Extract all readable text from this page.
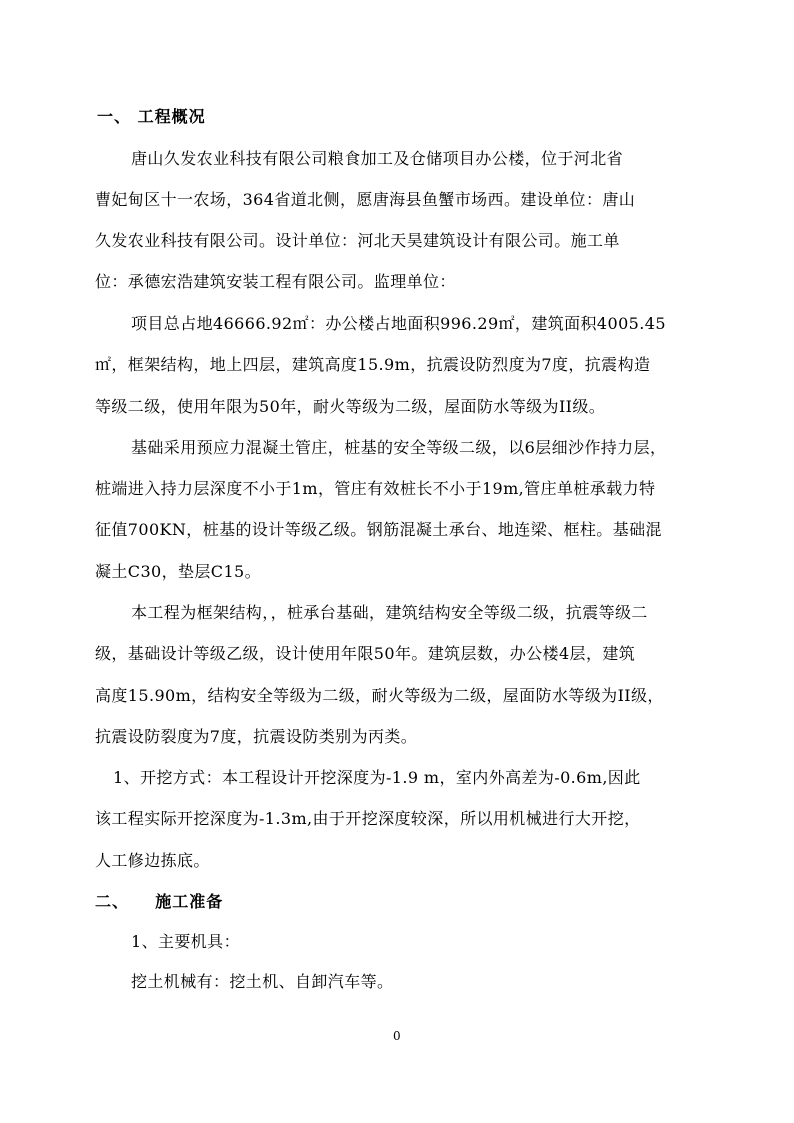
一、 工程概况
唐山久发农业科技有限公司粮食加工及仓储项目办公楼，位于河北省
曹妃甸区十一农场，364省道北侧，愿唐海县鱼蟹市场西。建设单位：唐山
久发农业科技有限公司。设计单位：河北天昊建筑设计有限公司。施工单
位：承德宏浩建筑安装工程有限公司。监理单位：
项目总占地46666.92㎡：办公楼占地面积996.29㎡，建筑面积4005.45
㎡，框架结构，地上四层，建筑高度15.9m，抗震设防烈度为7度，抗震构造
等级二级，使用年限为50年，耐火等级为二级，屋面防水等级为II级。
基础采用预应力混凝土管庄，桩基的安全等级二级，以6层细沙作持力层，
桩端进入持力层深度不小于1m，管庄有效桩长不小于19m,管庄单桩承载力特
征值700KN，桩基的设计等级乙级。钢筋混凝土承台、地连梁、框柱。基础混
凝土C30，垫层C15。
本工程为框架结构，，桩承台基础，建筑结构安全等级二级，抗震等级二
级，基础设计等级乙级，设计使用年限50年。建筑层数，办公楼4层，建筑
高度15.90m，结构安全等级为二级，耐火等级为二级，屋面防水等级为II级，
抗震设防裂度为7度，抗震设防类别为丙类。
1、开挖方式：本工程设计开挖深度为-1.9 m，室内外高差为-0.6m,因此
该工程实际开挖深度为-1.3m,由于开挖深度较深，所以用机械进行大开挖，
人工修边拣底。
二、    施工准备
1、主要机具：
挖土机械有：挖土机、自卸汽车等。
0
